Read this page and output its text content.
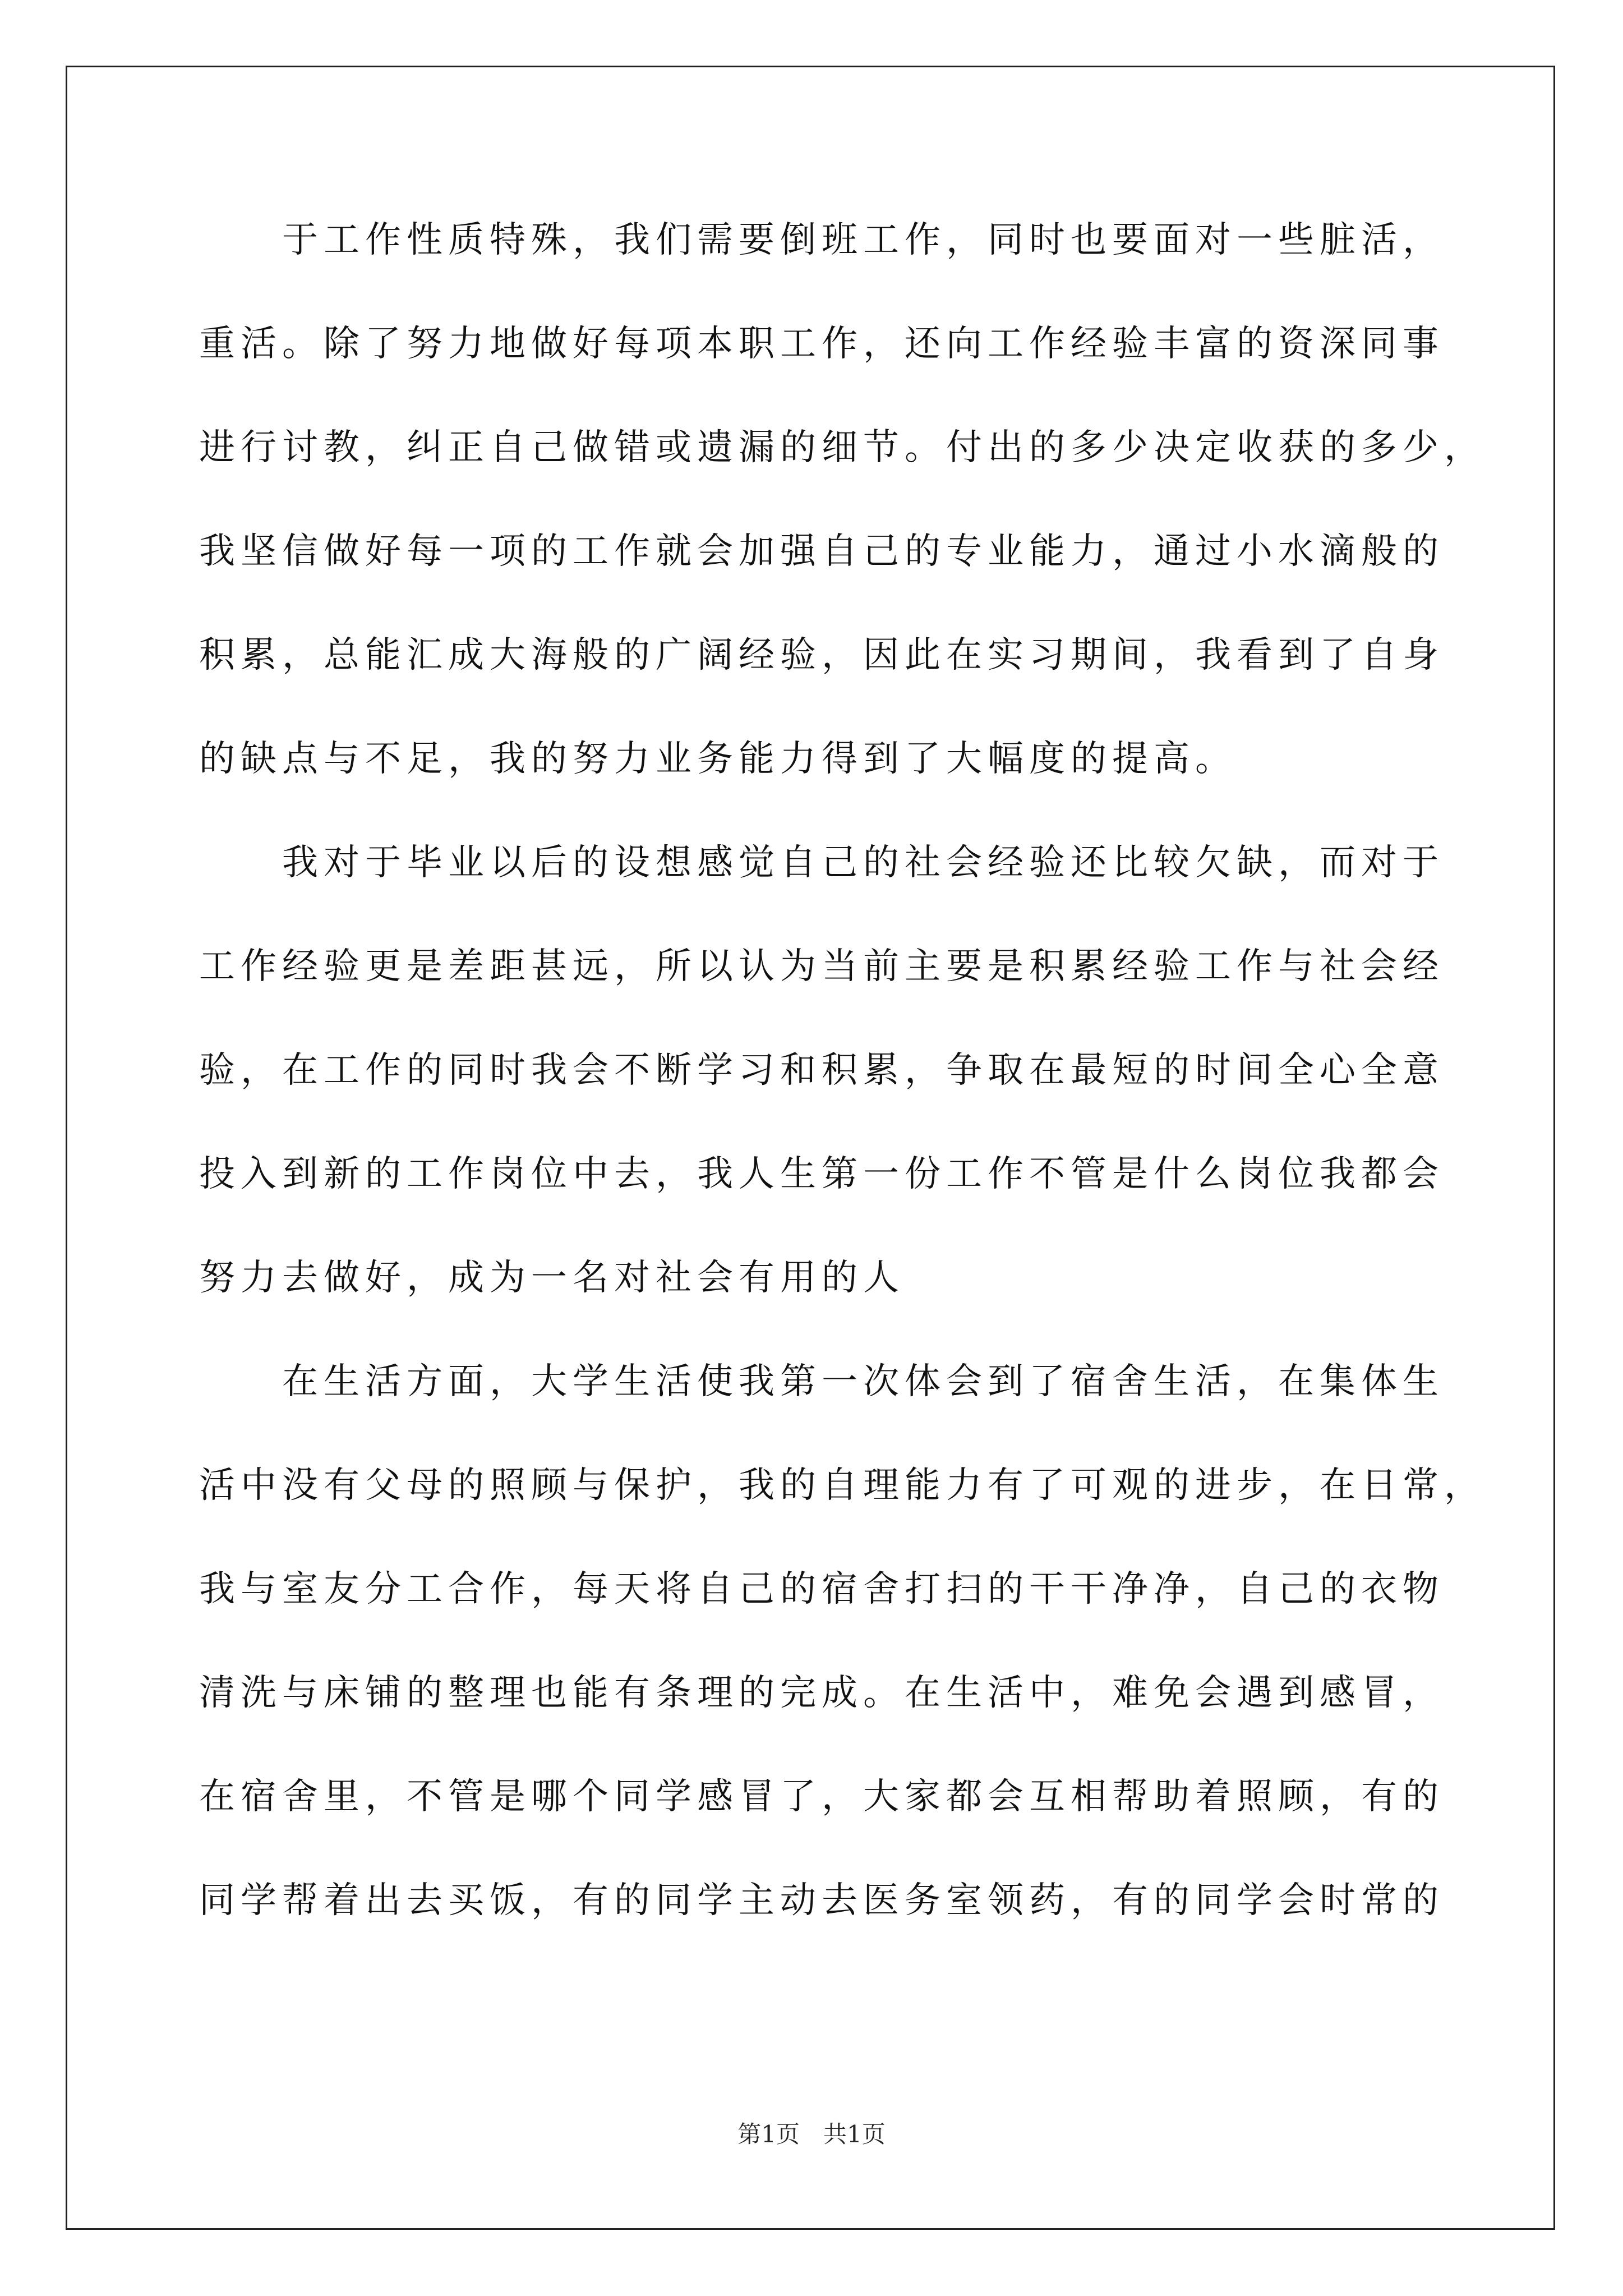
　　于工作性质特殊，我们需要倒班工作，同时也要面对一些脏活，
重活。除了努力地做好每项本职工作，还向工作经验丰富的资深同事
进行讨教，纠正自己做错或遗漏的细节。付出的多少决定收获的多少，
我坚信做好每一项的工作就会加强自己的专业能力，通过小水滴般的
积累，总能汇成大海般的广阔经验，因此在实习期间，我看到了自身
的缺点与不足，我的努力业务能力得到了大幅度的提高。
　　我对于毕业以后的设想感觉自己的社会经验还比较欠缺，而对于
工作经验更是差距甚远，所以认为当前主要是积累经验工作与社会经
验，在工作的同时我会不断学习和积累，争取在最短的时间全心全意
投入到新的工作岗位中去，我人生第一份工作不管是什么岗位我都会
努力去做好，成为一名对社会有用的人
　　在生活方面，大学生活使我第一次体会到了宿舍生活，在集体生
活中没有父母的照顾与保护，我的自理能力有了可观的进步，在日常，
我与室友分工合作，每天将自己的宿舍打扫的干干净净，自己的衣物
清洗与床铺的整理也能有条理的完成。在生活中，难免会遇到感冒，
在宿舍里，不管是哪个同学感冒了，大家都会互相帮助着照顾，有的
同学帮着出去买饭，有的同学主动去医务室领药，有的同学会时常的
第1页　共1页
